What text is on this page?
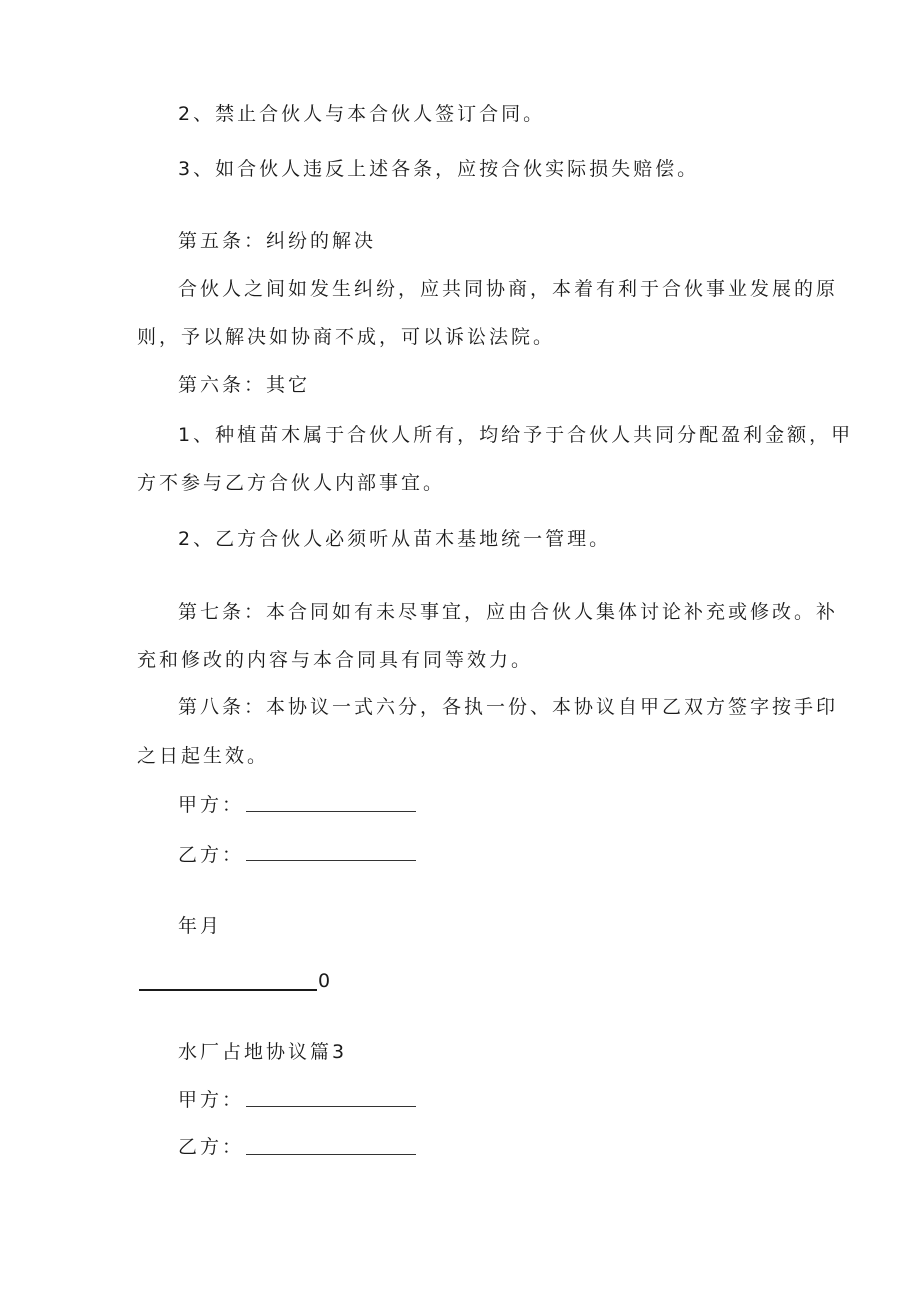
2、禁止合伙人与本合伙人签订合同。

3、如合伙人违反上述各条，应按合伙实际损失赔偿。

第五条：纠纷的解决

合伙人之间如发生纠纷，应共同协商，本着有利于合伙事业发展的原

则，予以解决如协商不成，可以诉讼法院。

第六条：其它

1、种植苗木属于合伙人所有，均给予于合伙人共同分配盈利金额，甲

方不参与乙方合伙人内部事宜。

2、乙方合伙人必须听从苗木基地统一管理。

第七条：本合同如有未尽事宜，应由合伙人集体讨论补充或修改。补

充和修改的内容与本合同具有同等效力。

第八条：本协议一式六分，各执一份、本协议自甲乙双方签字按手印

之日起生效。

甲方：

乙方：

年月

0

水厂占地协议篇3

甲方：

乙方：
